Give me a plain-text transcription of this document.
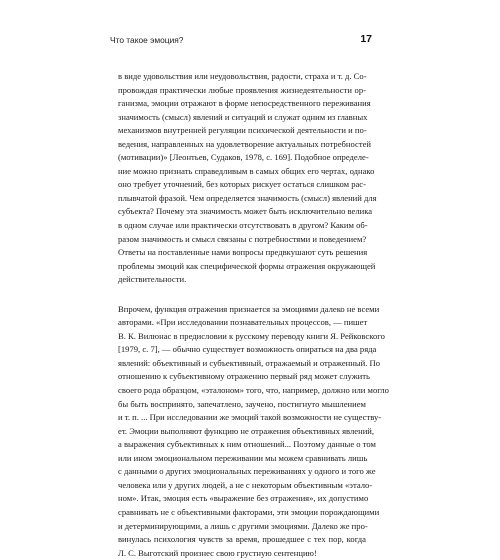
Что такое эмоция?	17
в виде удовольствия или неудовольствия, радости, страха и т. д. Со-
провождая практически любые проявления жизнедеятельности ор-
ганизма, эмоции отражают в форме непосредственного переживания
значимость (смысл) явлений и ситуаций и служат одним из главных
механизмов внутренней регуляции психической деятельности и по-
ведения, направленных на удовлетворение актуальных потребностей
(мотивации)» [Леонтьев, Судаков, 1978, с. 169]. Подобное определе-
ние можно признать справедливым в самых общих его чертах, однако
оно требует уточнений, без которых рискует остаться слишком рас-
плывчатой фразой. Чем определяется значимость (смысл) явлений для
субъекта? Почему эта значимость может быть исключительно велика
в одном случае или практически отсутствовать в другом? Каким об-
разом значимость и смысл связаны с потребностями и поведением?
Ответы на поставленные нами вопросы предвкушают суть решения
проблемы эмоций как специфической формы отражения окружающей
действительности.
Впрочем, функция отражения признается за эмоциями далеко не всеми
авторами. «При исследовании познавательных процессов, — пишет
В. К. Вилюнас в предисловии к русскому переводу книги Я. Рейковского
[1979, с. 7], — обычно существует возможность опираться на два ряда
явлений: объективный и субъективный, отражаемый и отраженный. По
отношению к субъективному отражению первый ряд может служить
своего рода образцом, «эталоном» того, что, например, должно или могло
бы быть воспринято, запечатлено, заучено, постигнуто мышлением
и т. п. ... При исследовании же эмоций такой возможности не существу-
ет. Эмоции выполняют функцию не отражения объективных явлений,
а выражения субъективных к ним отношений... Поэтому данные о том
или ином эмоциональном переживании мы можем сравнивать лишь
с данными о других эмоциональных переживаниях у одного и того же
человека или у других людей, а не с некоторым объективным «этало-
ном». Итак, эмоция есть «выражение без отражения», их допустимо
сравнивать не с объективными факторами, эти эмоции порождающими
и детерминирующими, а лишь с другими эмоциями. Далеко же про-
винулась психология чувств за время, прошедшее с тех пор, когда
Л. С. Выготский произнес свою грустную сентенцию!
